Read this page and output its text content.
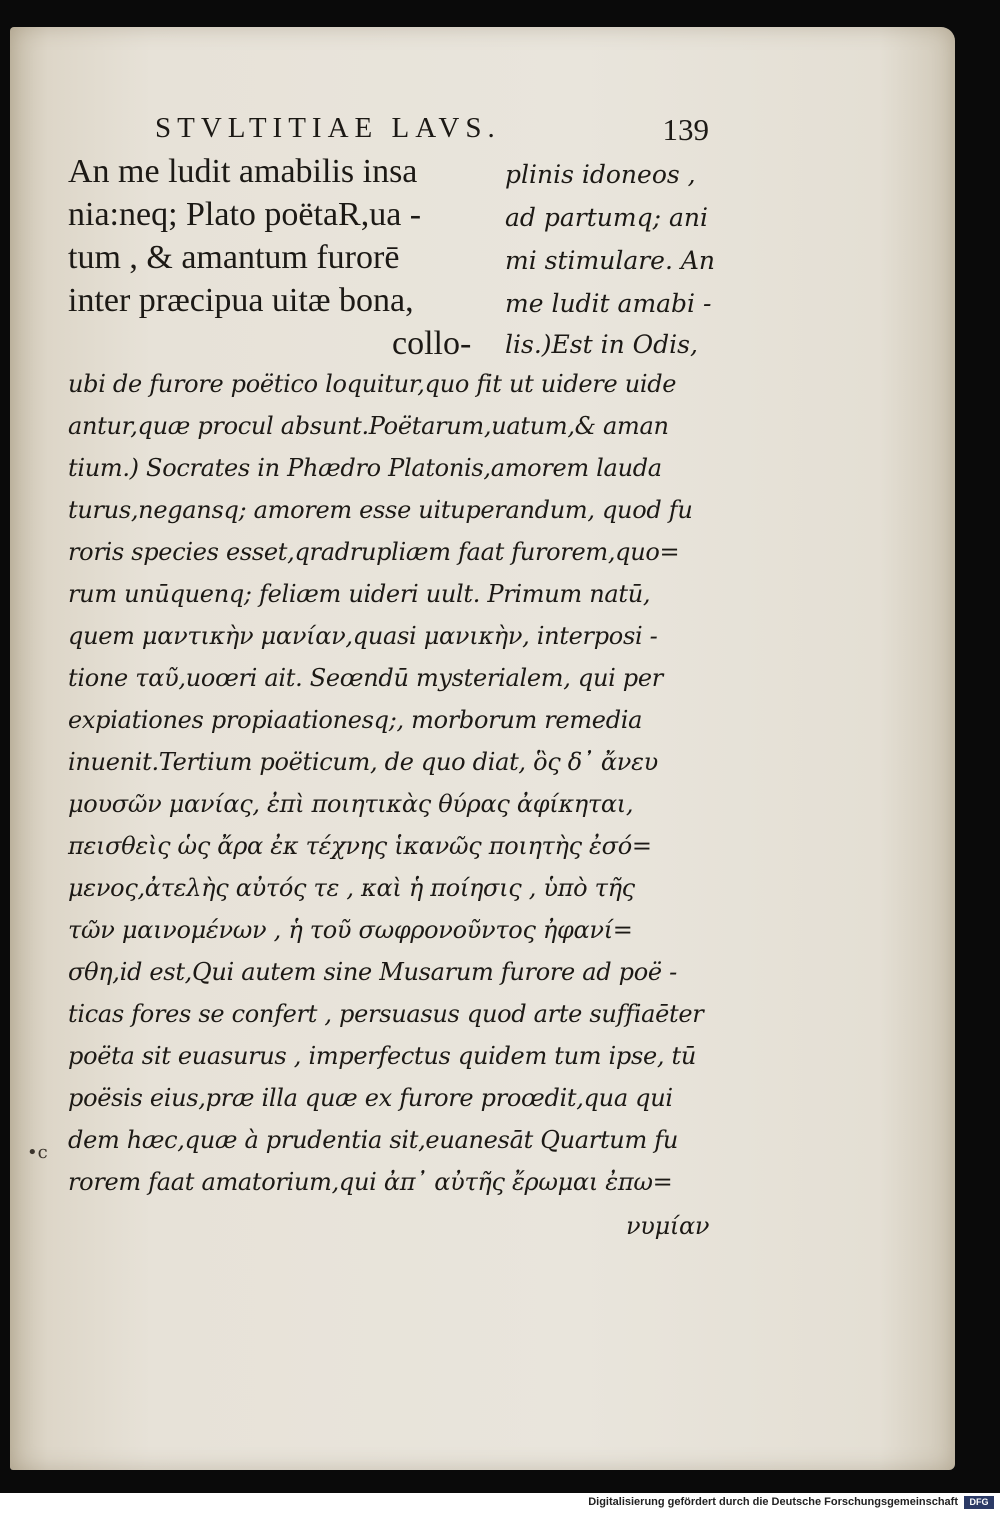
STVLTITIAE LAVS.	139
An me ludit amabilis insa
nia:neq; Plato poëtaR,ua -
tum , & amantum furorē
inter præcipua uitæ bona,
collo-
plinis idoneos ,
ad partumq; ani
mi stimulare. An
me ludit amabi -
lis.)Est in Odis,
ubi de furore poëtico loquitur,quo fit ut uidere uide
antur,quæ procul absunt.Poëtarum,uatum,& aman
tium.) Socrates in Phædro Platonis,amorem lauda
turus,negansq; amorem esse uituperandum, quod fu
roris species esset,qradrupliæm faat furorem,quo=
rum unūquenq; feliæm uideri uult. Primum natū,
quem μαντικὴν μανίαν,quasi μανικὴν, interposi -
tione ταῦ,uoœri ait. Seœndū mysterialem, qui per
expiationes propiaationesq;, morborum remedia
inuenit.Tertium poëticum, de quo diat, ὃς δ᾽ ἄνευ
μουσῶν μανίας, ἐπὶ ποιητικὰς θύρας ἀφίκηται,
πεισθεὶς ὡς ἄρα ἐκ τέχνης ἱκανῶς ποιητὴς ἐσό=
μενος,ἀτελὴς αὐτός τε , καὶ ἡ ποίησις , ὑπὸ τῆς
τῶν μαινομένων , ἡ τοῦ σωφρονοῦντος ἠφανί=
σθη,id est,Qui autem sine Musarum furore ad poë -
ticas fores se confert , persuasus quod arte suffiaēter
poëta sit euasurus , imperfectus quidem tum ipse, tū
poësis eius,præ illa quæ ex furore proœdit,qua qui
dem hæc,quæ à prudentia sit,euanesāt Quartum fu
rorem faat amatorium,qui ἀπ᾽ αὐτῆς ἔρωμαι ἐπω=
νυμίαν
•c
Digitalisierung gefördert durch die Deutsche Forschungsgemeinschaft	DFG
